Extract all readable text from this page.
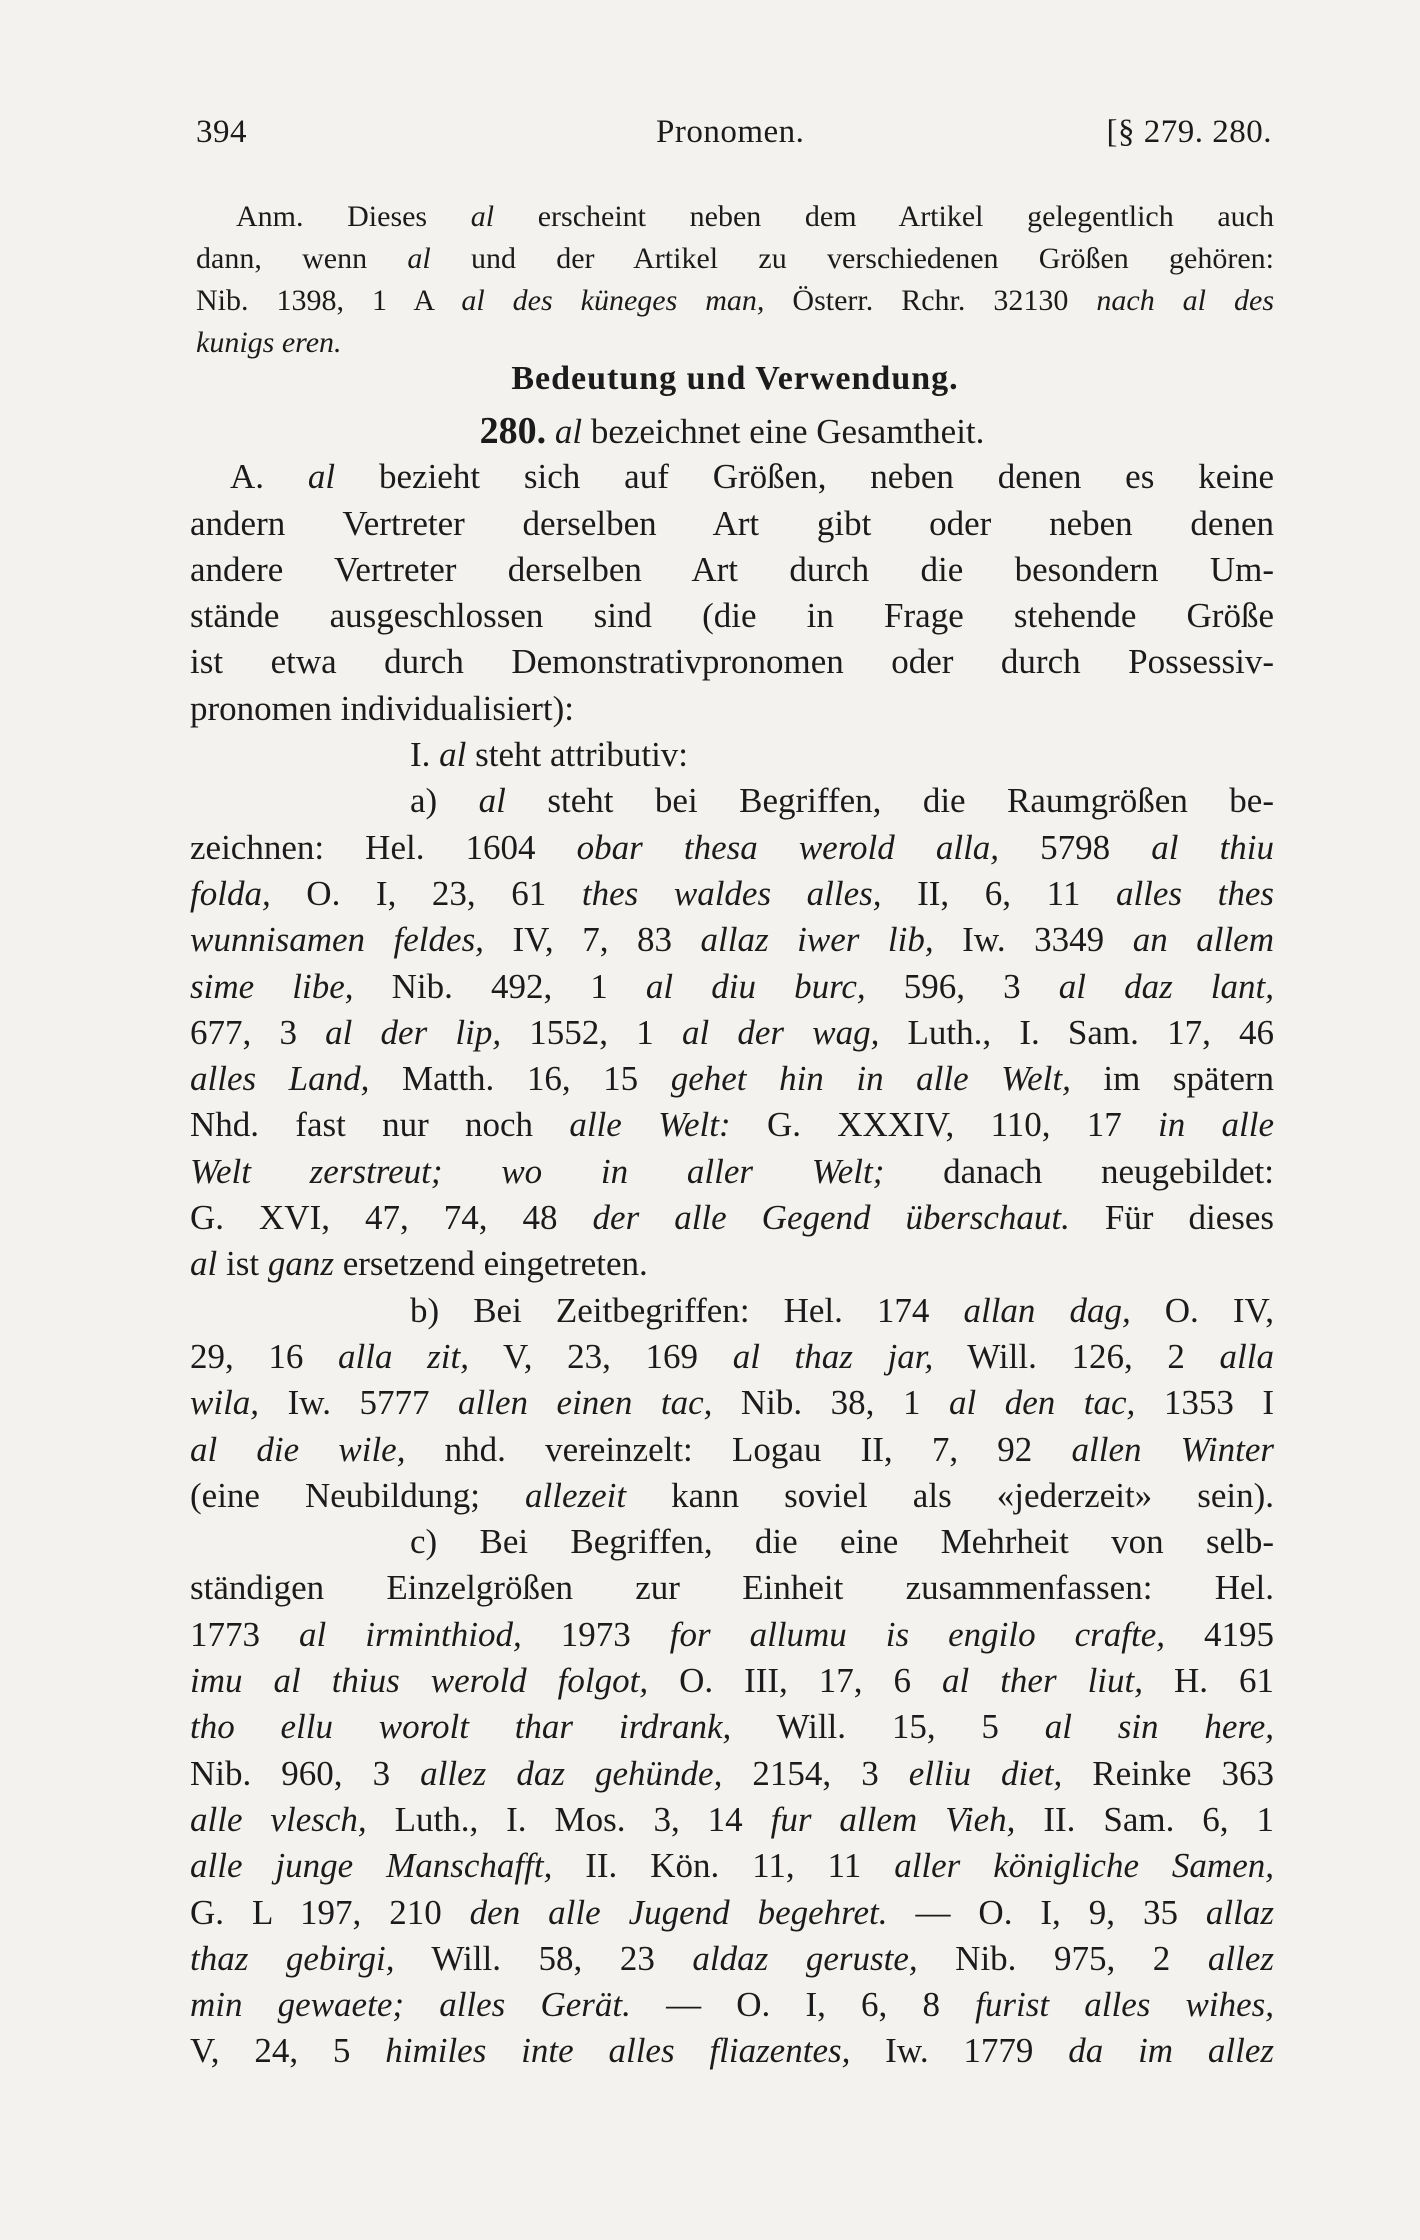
394	Pronomen.	[§ 279. 280.
Anm. Dieses al erscheint neben dem Artikel gelegentlich auch
dann, wenn al und der Artikel zu verschiedenen Größen gehören:
Nib. 1398, 1 A al des küneges man, Österr. Rchr. 32130 nach al des
kunigs eren.
Bedeutung und Verwendung.
280. al bezeichnet eine Gesamtheit.
A. al bezieht sich auf Größen, neben denen es keine
andern Vertreter derselben Art gibt oder neben denen
andere Vertreter derselben Art durch die besondern Um-
stände ausgeschlossen sind (die in Frage stehende Größe
ist etwa durch Demonstrativpronomen oder durch Possessiv-
pronomen individualisiert):
I. al steht attributiv:
a) al steht bei Begriffen, die Raumgrößen be-
zeichnen: Hel. 1604 obar thesa werold alla, 5798 al thiu
folda, O. I, 23, 61 thes waldes alles, II, 6, 11 alles thes
wunnisamen feldes, IV, 7, 83 allaz iwer lib, Iw. 3349 an allem
sime libe, Nib. 492, 1 al diu burc, 596, 3 al daz lant,
677, 3 al der lip, 1552, 1 al der wag, Luth., I. Sam. 17, 46
alles Land, Matth. 16, 15 gehet hin in alle Welt, im spätern
Nhd. fast nur noch alle Welt: G. XXXIV, 110, 17 in alle
Welt zerstreut; wo in aller Welt; danach neugebildet:
G. XVI, 47, 74, 48 der alle Gegend überschaut. Für dieses
al ist ganz ersetzend eingetreten.
b) Bei Zeitbegriffen: Hel. 174 allan dag, O. IV,
29, 16 alla zit, V, 23, 169 al thaz jar, Will. 126, 2 alla
wila, Iw. 5777 allen einen tac, Nib. 38, 1 al den tac, 1353 I
al die wile, nhd. vereinzelt: Logau II, 7, 92 allen Winter
(eine Neubildung; allezeit kann soviel als «jederzeit» sein).
c) Bei Begriffen, die eine Mehrheit von selb-
ständigen Einzelgrößen zur Einheit zusammenfassen: Hel.
1773 al irminthiod, 1973 for allumu is engilo crafte, 4195
imu al thius werold folgot, O. III, 17, 6 al ther liut, H. 61
tho ellu worolt thar irdrank, Will. 15, 5 al sin here,
Nib. 960, 3 allez daz gehünde, 2154, 3 elliu diet, Reinke 363
alle vlesch, Luth., I. Mos. 3, 14 fur allem Vieh, II. Sam. 6, 1
alle junge Manschafft, II. Kön. 11, 11 aller königliche Samen,
G. L 197, 210 den alle Jugend begehret. — O. I, 9, 35 allaz
thaz gebirgi, Will. 58, 23 aldaz geruste, Nib. 975, 2 allez
min gewaete; alles Gerät. — O. I, 6, 8 furist alles wihes,
V, 24, 5 himiles inte alles fliazentes, Iw. 1779 da im allez
